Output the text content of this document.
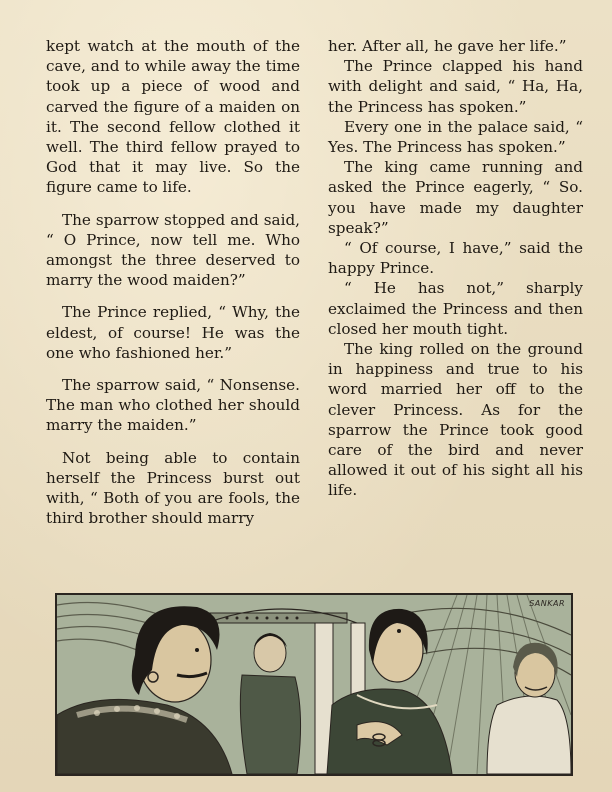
kept watch at the mouth of the cave, and to while away the time took up a piece of wood and carved the figure of a maiden on it. The second fellow clothed it well. The third fellow prayed to God that it may live. So the figure came to life.

The sparrow stopped and said, “ O Prince, now tell me. Who amongst the three deserved to marry the wood maiden?”

The Prince replied, “ Why, the eldest, of course! He was the one who fashioned her.”

The sparrow said, “ Nonsense. The man who clothed her should marry the maiden.”

Not being able to contain herself the Princess burst out with, “ Both of you are fools, the third brother should marry

her. After all, he gave her life.”

The Prince clapped his hand with delight and said, “ Ha, Ha, the Princess has spoken.”

Every one in the palace said, “ Yes. The Princess has spoken.”

The king came running and asked the Prince eagerly, “ So. you have made my daughter speak?”

“ Of course, I have,” said the happy Prince.

“ He has not,” sharply exclaimed the Princess and then closed her mouth tight.

The king rolled on the ground in happiness and true to his word married her off to the clever Princess. As for the sparrow the Prince took good care of the bird and never allowed it out of his sight all his life.

SANKAR
